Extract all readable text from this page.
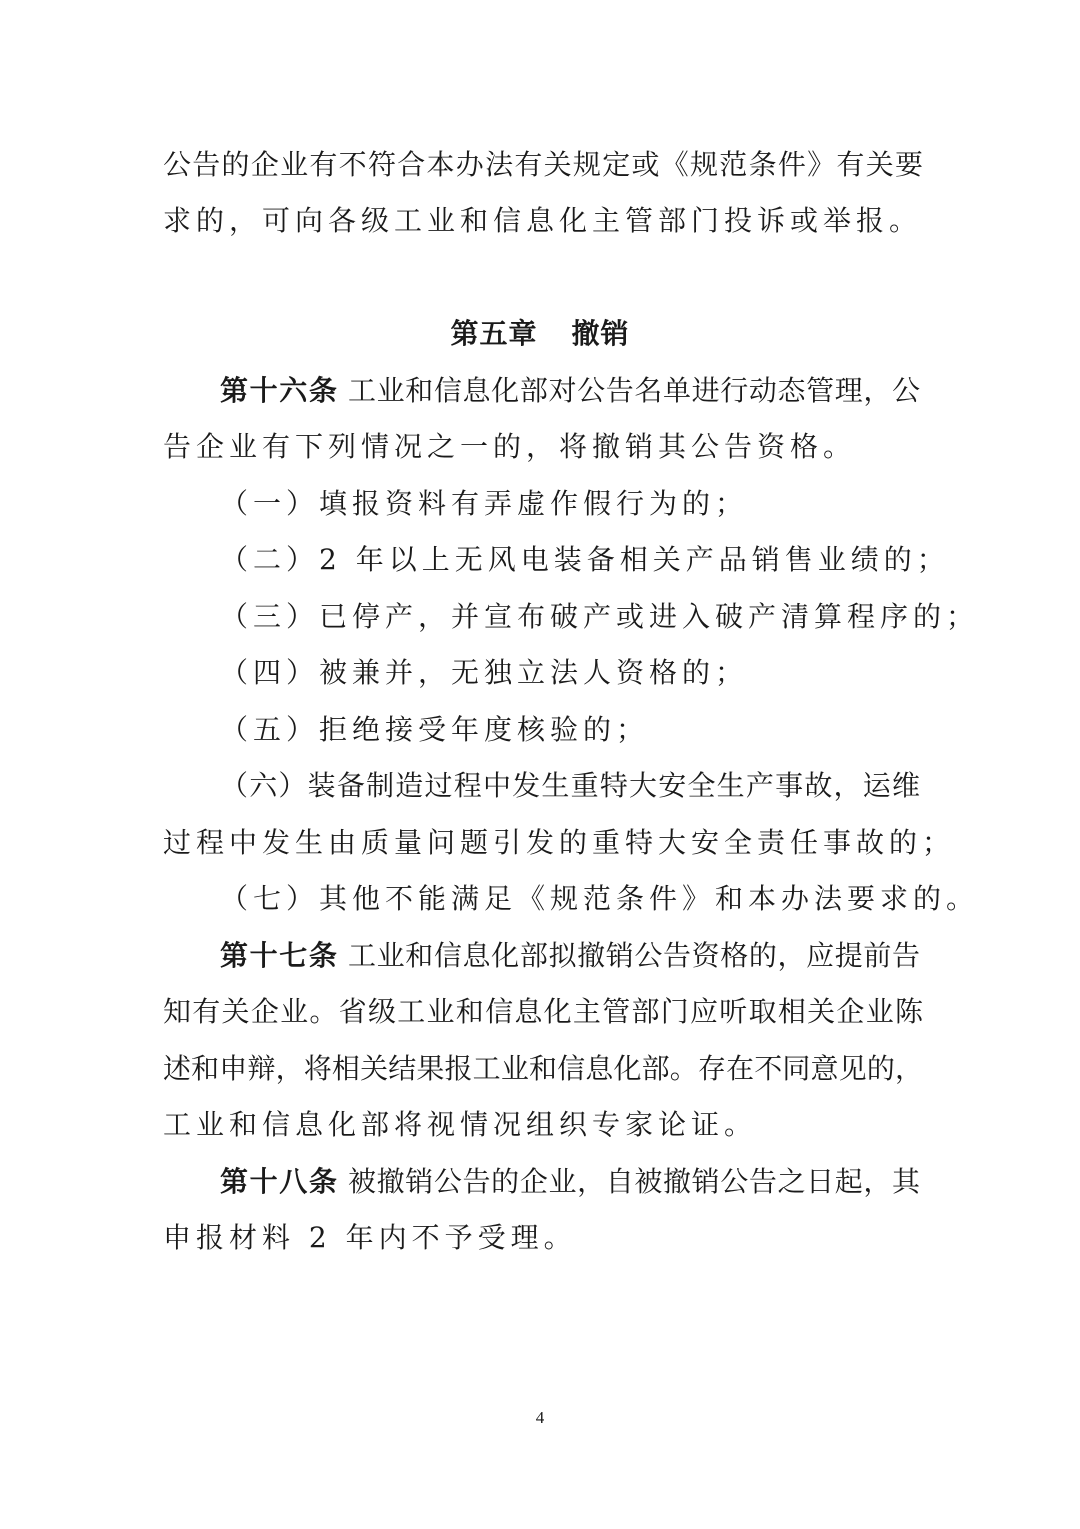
公告的企业有不符合本办法有关规定或《规范条件》有关要
求的，可向各级工业和信息化主管部门投诉或举报。
第五章 撤销
第十六条 工业和信息化部对公告名单进行动态管理，公
告企业有下列情况之一的，将撤销其公告资格。
（一）填报资料有弄虚作假行为的；
（二）2 年以上无风电装备相关产品销售业绩的；
（三）已停产，并宣布破产或进入破产清算程序的；
（四）被兼并，无独立法人资格的；
（五）拒绝接受年度核验的；
（六）装备制造过程中发生重特大安全生产事故，运维
过程中发生由质量问题引发的重特大安全责任事故的；
（七）其他不能满足《规范条件》和本办法要求的。
第十七条 工业和信息化部拟撤销公告资格的，应提前告
知有关企业。省级工业和信息化主管部门应听取相关企业陈
述和申辩，将相关结果报工业和信息化部。存在不同意见的，
工业和信息化部将视情况组织专家论证。
第十八条 被撤销公告的企业，自被撤销公告之日起，其
申报材料 2 年内不予受理。
4
